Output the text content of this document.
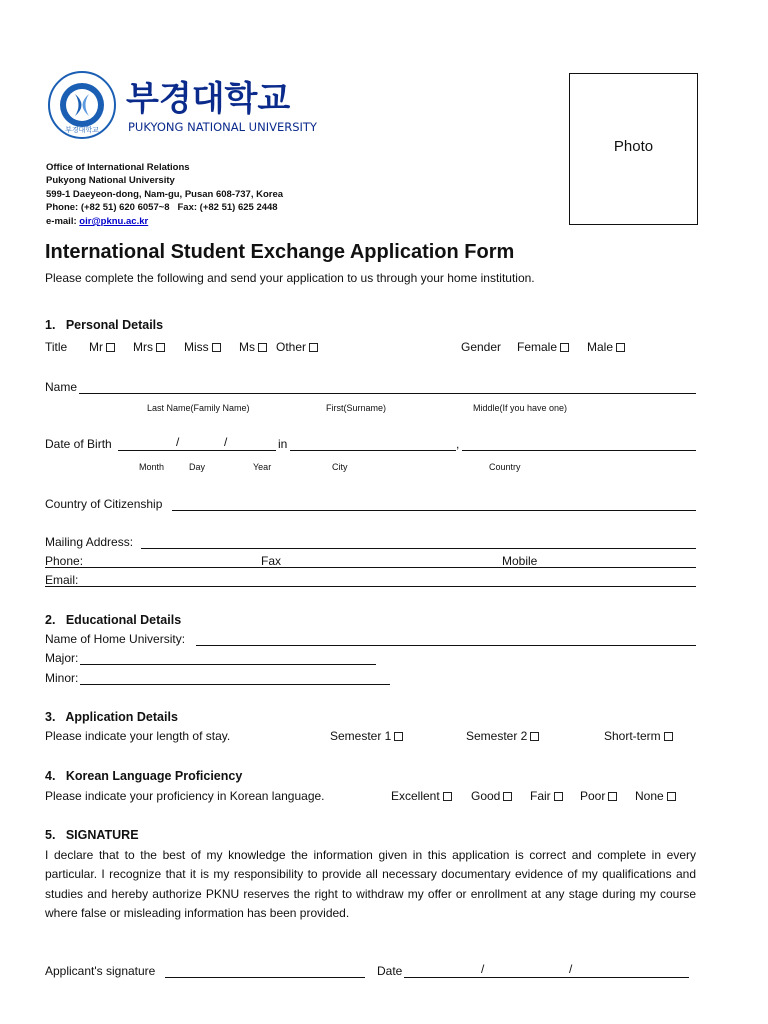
부경대학교
부경대학교
PUKYONG NATIONAL UNIVERSITY
Photo
Office of International Relations
Pukyong National University
599-1 Daeyeon-dong, Nam-gu, Pusan 608-737, Korea
Phone: (+82 51) 620 6057~8   Fax: (+82 51) 625 2448
e-mail: oir@pknu.ac.kr
International Student Exchange Application Form
Please complete the following and send your application to us through your home institution.
1.   Personal Details
Title Mr	Mrs	Miss	Ms	Other	Gender Female	Male
Name
Last Name(Family Name)	First(Surname)	Middle(If you have one)
Date of Birth	/	/	in	,
Month	Day	Year	City	Country
Country of Citizenship
Mailing Address:
Phone:	Fax	Mobile
Email:
2.   Educational Details
Name of Home University:
Major:
Minor:
3.   Application Details
Please indicate your length of stay.	Semester 1	Semester 2	Short-term
4.   Korean Language Proficiency
Please indicate your proficiency in Korean language.	Excellent	Good	Fair	Poor	None
5.   SIGNATURE
I declare that to the best of my knowledge the information given in this application is correct and complete in every particular. I recognize that it is my responsibility to provide all necessary documentary evidence of my qualifications and studies and hereby authorize PKNU reserves the right to withdraw my offer or enrollment at any stage during my course where false or misleading information has been provided.
Applicant's signature	Date	/	/
